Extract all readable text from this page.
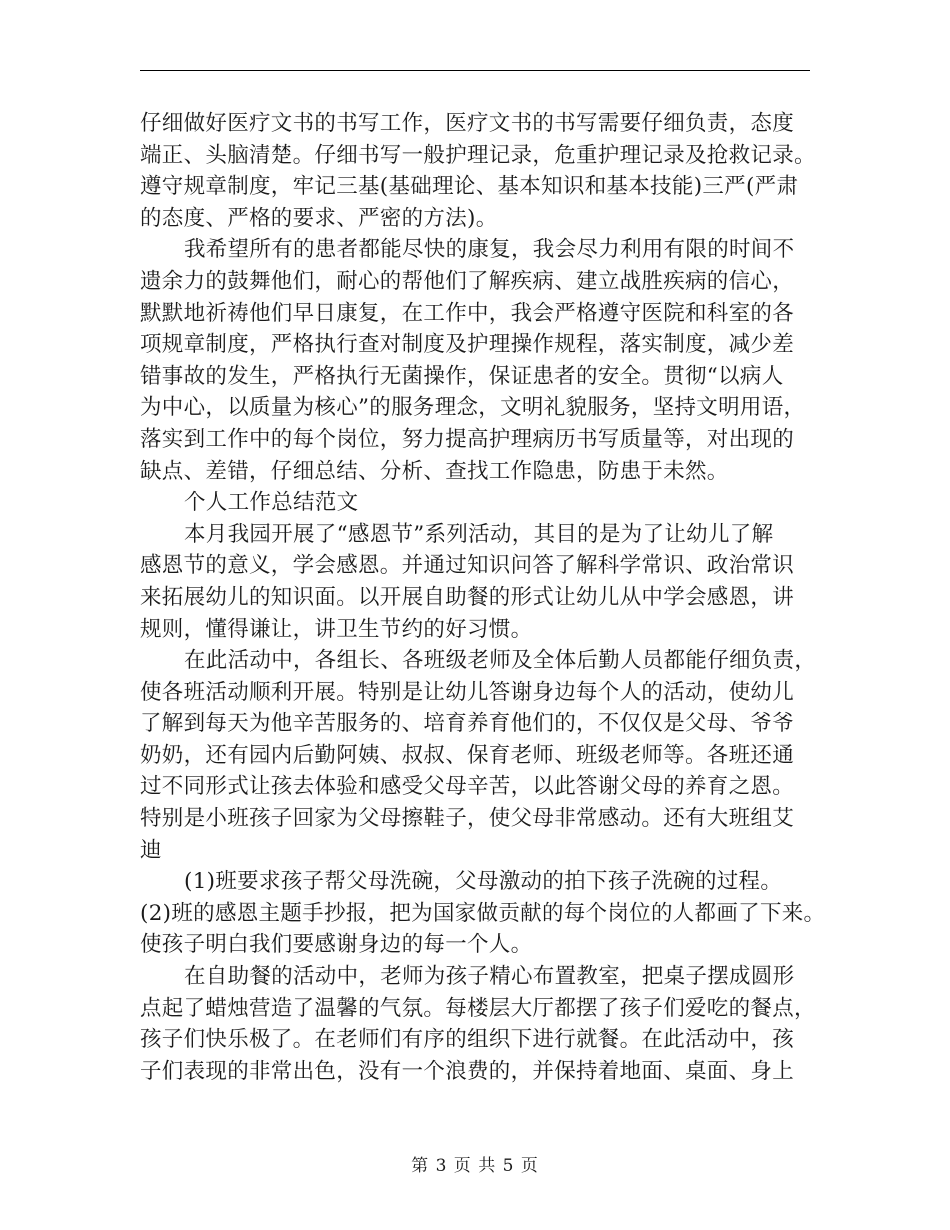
仔细做好医疗文书的书写工作，医疗文书的书写需要仔细负责，态度
端正、头脑清楚。仔细书写一般护理记录，危重护理记录及抢救记录。
遵守规章制度，牢记三基(基础理论、基本知识和基本技能)三严(严肃
的态度、严格的要求、严密的方法)。
我希望所有的患者都能尽快的康复，我会尽力利用有限的时间不
遗余力的鼓舞他们，耐心的帮他们了解疾病、建立战胜疾病的信心，
默默地祈祷他们早日康复，在工作中，我会严格遵守医院和科室的各
项规章制度，严格执行查对制度及护理操作规程，落实制度，减少差
错事故的发生，严格执行无菌操作，保证患者的安全。贯彻“以病人
为中心，以质量为核心”的服务理念，文明礼貌服务，坚持文明用语，
落实到工作中的每个岗位，努力提高护理病历书写质量等，对出现的
缺点、差错，仔细总结、分析、查找工作隐患，防患于未然。
个人工作总结范文
本月我园开展了“感恩节”系列活动，其目的是为了让幼儿了解
感恩节的意义，学会感恩。并通过知识问答了解科学常识、政治常识
来拓展幼儿的知识面。以开展自助餐的形式让幼儿从中学会感恩，讲
规则，懂得谦让，讲卫生节约的好习惯。
在此活动中，各组长、各班级老师及全体后勤人员都能仔细负责，
使各班活动顺利开展。特别是让幼儿答谢身边每个人的活动，使幼儿
了解到每天为他辛苦服务的、培育养育他们的，不仅仅是父母、爷爷
奶奶，还有园内后勤阿姨、叔叔、保育老师、班级老师等。各班还通
过不同形式让孩去体验和感受父母辛苦，以此答谢父母的养育之恩。
特别是小班孩子回家为父母擦鞋子，使父母非常感动。还有大班组艾
迪
(1)班要求孩子帮父母洗碗，父母激动的拍下孩子洗碗的过程。
(2)班的感恩主题手抄报，把为国家做贡献的每个岗位的人都画了下来。
使孩子明白我们要感谢身边的每一个人。
在自助餐的活动中，老师为孩子精心布置教室，把桌子摆成圆形
点起了蜡烛营造了温馨的气氛。每楼层大厅都摆了孩子们爱吃的餐点，
孩子们快乐极了。在老师们有序的组织下进行就餐。在此活动中，孩
子们表现的非常出色，没有一个浪费的，并保持着地面、桌面、身上
第 3 页 共 5 页
